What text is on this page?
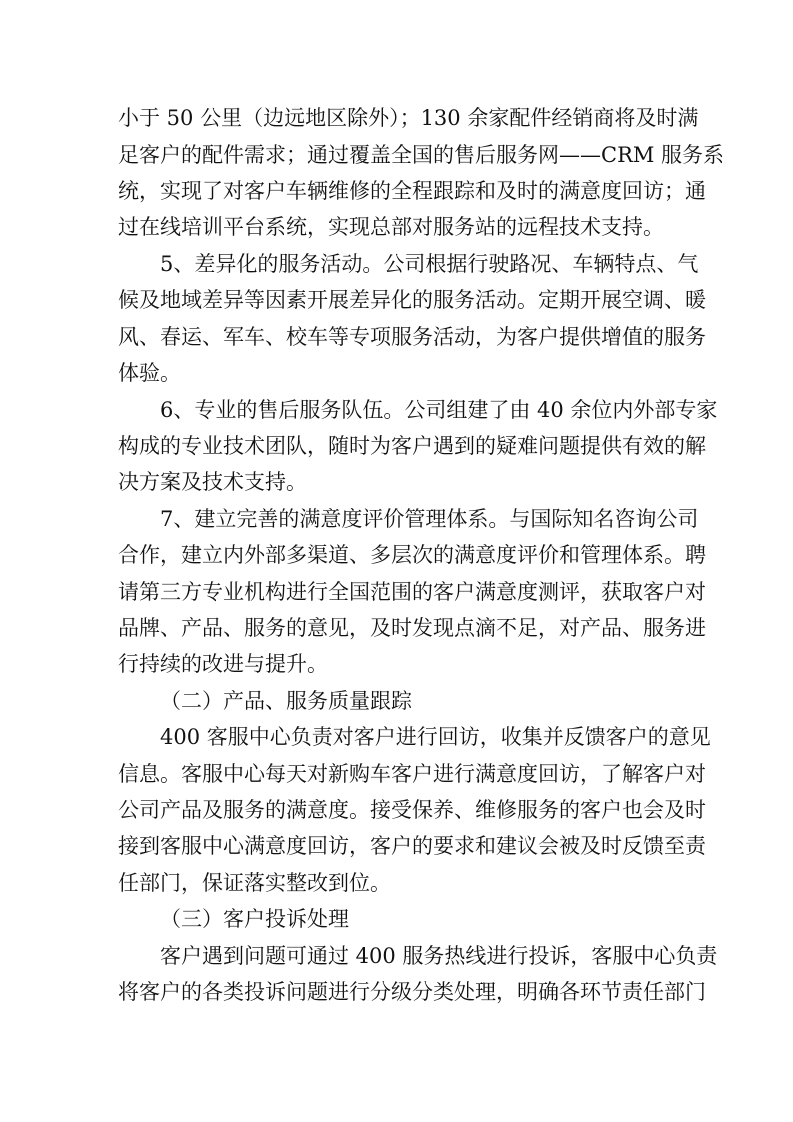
小于 50 公里（边远地区除外）；130 余家配件经销商将及时满
足客户的配件需求；通过覆盖全国的售后服务网——CRM 服务系
统，实现了对客户车辆维修的全程跟踪和及时的满意度回访；通
过在线培训平台系统，实现总部对服务站的远程技术支持。
5、差异化的服务活动。公司根据行驶路况、车辆特点、气
候及地域差异等因素开展差异化的服务活动。定期开展空调、暖
风、春运、军车、校车等专项服务活动，为客户提供增值的服务
体验。
6、专业的售后服务队伍。公司组建了由 40 余位内外部专家
构成的专业技术团队，随时为客户遇到的疑难问题提供有效的解
决方案及技术支持。
7、建立完善的满意度评价管理体系。与国际知名咨询公司
合作，建立内外部多渠道、多层次的满意度评价和管理体系。聘
请第三方专业机构进行全国范围的客户满意度测评，获取客户对
品牌、产品、服务的意见，及时发现点滴不足，对产品、服务进
行持续的改进与提升。
（二）产品、服务质量跟踪
400 客服中心负责对客户进行回访，收集并反馈客户的意见
信息。客服中心每天对新购车客户进行满意度回访，了解客户对
公司产品及服务的满意度。接受保养、维修服务的客户也会及时
接到客服中心满意度回访，客户的要求和建议会被及时反馈至责
任部门，保证落实整改到位。
（三）客户投诉处理
客户遇到问题可通过 400 服务热线进行投诉，客服中心负责
将客户的各类投诉问题进行分级分类处理，明确各环节责任部门
